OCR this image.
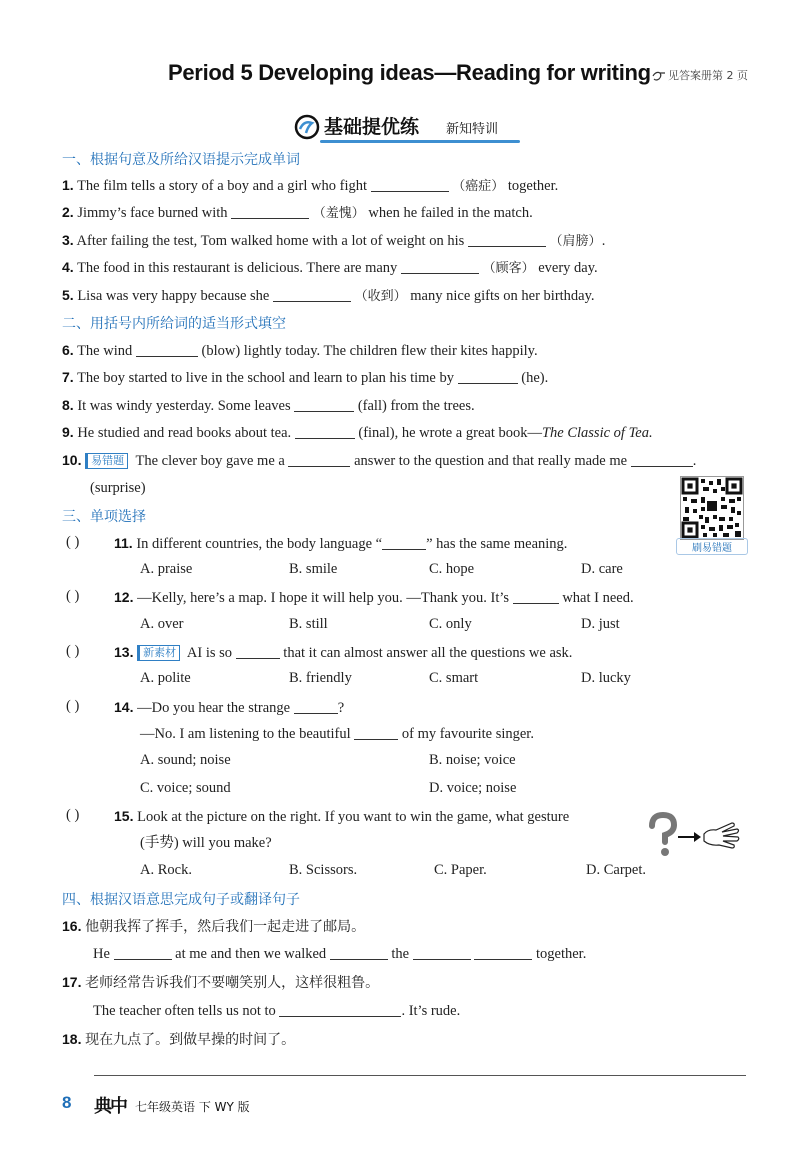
Period 5 Developing ideas—Reading for writing	见答案册第 2 页
基础提优练 新知特训
一、根据句意及所给汉语提示完成单词
1. The film tells a story of a boy and a girl who fight	（癌症） together.
2. Jimmy’s face burned with	（羞愧） when he failed in the match.
3. After failing the test, Tom walked home with a lot of weight on his	（肩膀）.
4. The food in this restaurant is delicious. There are many	（顾客） every day.
5. Lisa was very happy because she	（收到） many nice gifts on her birthday.
二、用括号内所给词的适当形式填空
6. The wind	(blow) lightly today. The children flew their kites happily.
7. The boy started to live in the school and learn to plan his time by	(he).
8. It was windy yesterday. Some leaves	(fall) from the trees.
9. He studied and read books about tea.	(final), he wrote a great book—The Classic of Tea.
10. 易错题 The clever boy gave me a	answer to the question and that really made me	.
(surprise)
刷易错题
三、单项选择
( ) 11. In different countries, the body language “	” has the same meaning.
A. praise	B. smile	C. hope	D. care
( ) 12. —Kelly, here’s a map. I hope it will help you. —Thank you. It’s	what I need.
A. over	B. still	C. only	D. just
( ) 13. 新素材 AI is so	that it can almost answer all the questions we ask.
A. polite	B. friendly	C. smart	D. lucky
( ) 14. —Do you hear the strange	?
—No. I am listening to the beautiful	of my favourite singer.
A. sound; noise	B. noise; voice
C. voice; sound	D. voice; noise
( ) 15. Look at the picture on the right. If you want to win the game, what gesture
(手势) will you make?
A. Rock.	B. Scissors.	C. Paper.	D. Carpet.
四、根据汉语意思完成句子或翻译句子
16. 他朝我挥了挥手，然后我们一起走进了邮局。
He	at me and then we walked	the	together.
17. 老师经常告诉我们不要嘲笑别人，这样很粗鲁。
The teacher often tells us not to	. It’s rude.
18. 现在九点了。到做早操的时间了。
8 典中 七年级英语 下 WY 版
